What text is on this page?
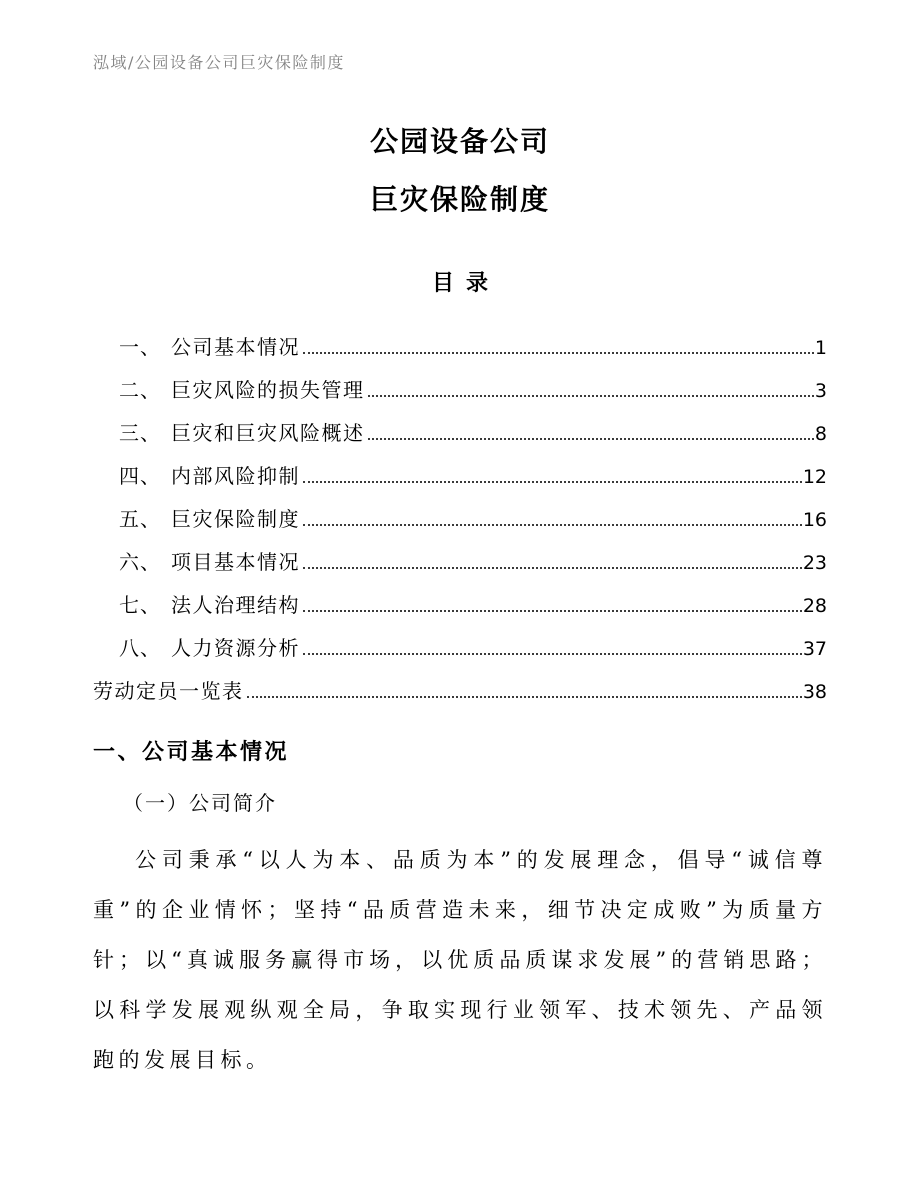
泓域/公园设备公司巨灾保险制度
公园设备公司
巨灾保险制度
目录
一、 公司基本情况	1
二、 巨灾风险的损失管理	3
三、 巨灾和巨灾风险概述	8
四、 内部风险抑制	12
五、 巨灾保险制度	16
六、 项目基本情况	23
七、 法人治理结构	28
八、 人力资源分析	37
劳动定员一览表	38
一、公司基本情况
（一）公司简介

公司秉承“以人为本、品质为本”的发展理念，倡导“诚信尊重”的企业情怀；坚持“品质营造未来，细节决定成败”为质量方针；以“真诚服务赢得市场，以优质品质谋求发展”的营销思路；以科学发展观纵观全局，争取实现行业领军、技术领先、产品领跑的发展目标。
